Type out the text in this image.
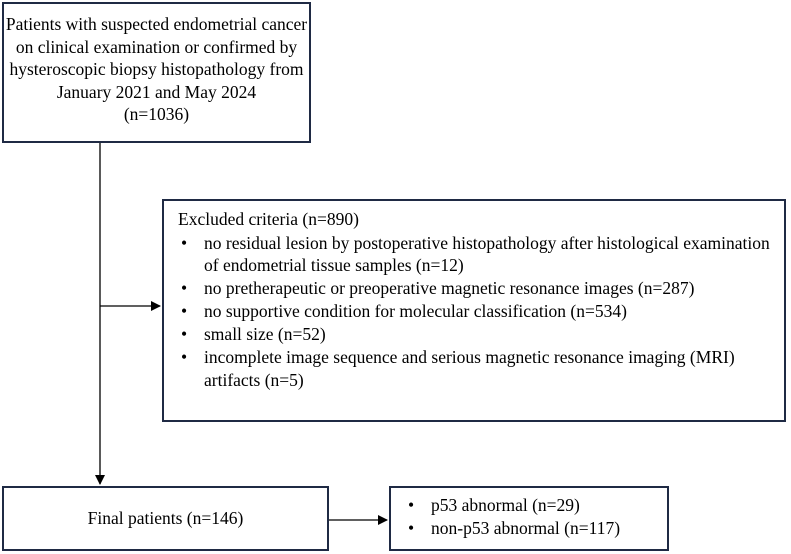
Patients with suspected endometrial cancer
on clinical examination or confirmed by
hysteroscopic biopsy histopathology from
January 2021 and May 2024
(n=1036)
Excluded criteria (n=890)
• no residual lesion by postoperative histopathology after histological examination of endometrial tissue samples (n=12)
• no pretherapeutic or preoperative magnetic resonance images (n=287)
• no supportive condition for molecular classification (n=534)
• small size (n=52)
• incomplete image sequence and serious magnetic resonance imaging (MRI) artifacts (n=5)
Final patients (n=146)
• p53 abnormal (n=29)
• non-p53 abnormal (n=117)
